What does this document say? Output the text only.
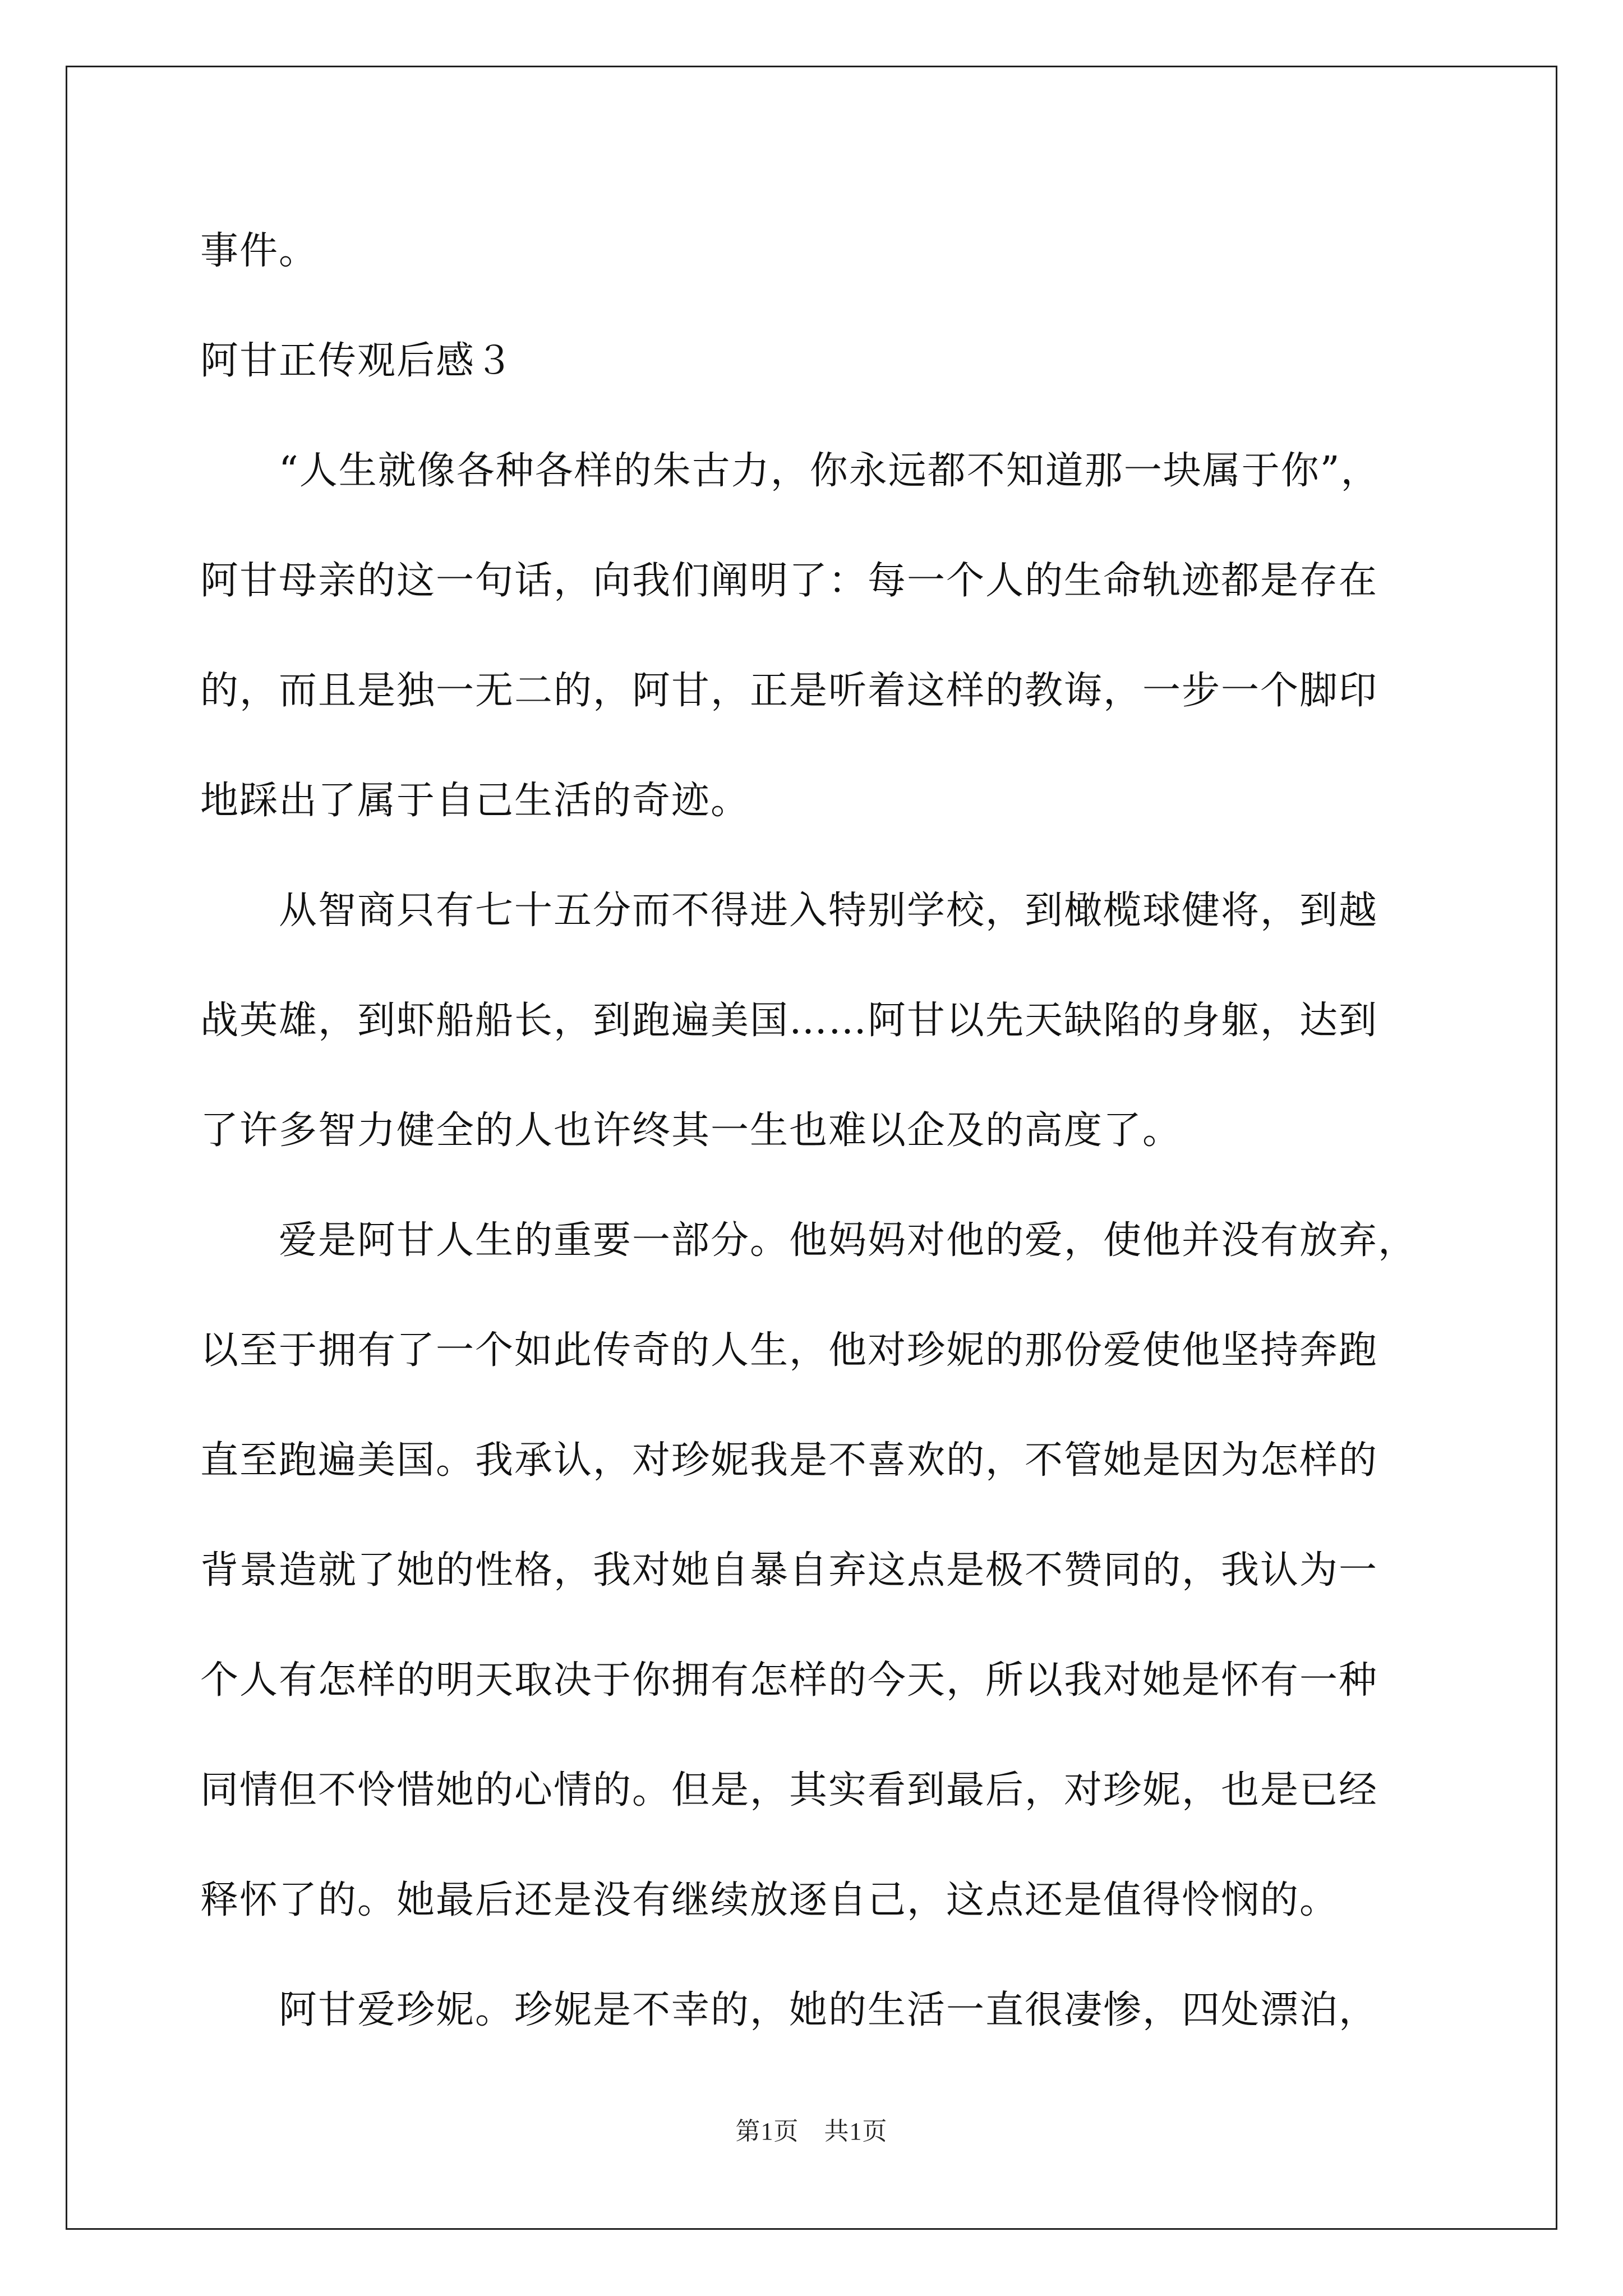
事件。
阿甘正传观后感３
“人生就像各种各样的朱古力，你永远都不知道那一块属于你”，
阿甘母亲的这一句话，向我们阐明了：每一个人的生命轨迹都是存在
的，而且是独一无二的，阿甘，正是听着这样的教诲，一步一个脚印
地踩出了属于自己生活的奇迹。
从智商只有七十五分而不得进入特别学校，到橄榄球健将，到越
战英雄，到虾船船长，到跑遍美国……阿甘以先天缺陷的身躯，达到
了许多智力健全的人也许终其一生也难以企及的高度了。
爱是阿甘人生的重要一部分。他妈妈对他的爱，使他并没有放弃，
以至于拥有了一个如此传奇的人生，他对珍妮的那份爱使他坚持奔跑
直至跑遍美国。我承认，对珍妮我是不喜欢的，不管她是因为怎样的
背景造就了她的性格，我对她自暴自弃这点是极不赞同的，我认为一
个人有怎样的明天取决于你拥有怎样的今天，所以我对她是怀有一种
同情但不怜惜她的心情的。但是，其实看到最后，对珍妮，也是已经
释怀了的。她最后还是没有继续放逐自己，这点还是值得怜悯的。
阿甘爱珍妮。珍妮是不幸的，她的生活一直很凄惨，四处漂泊，
第1页　共1页
